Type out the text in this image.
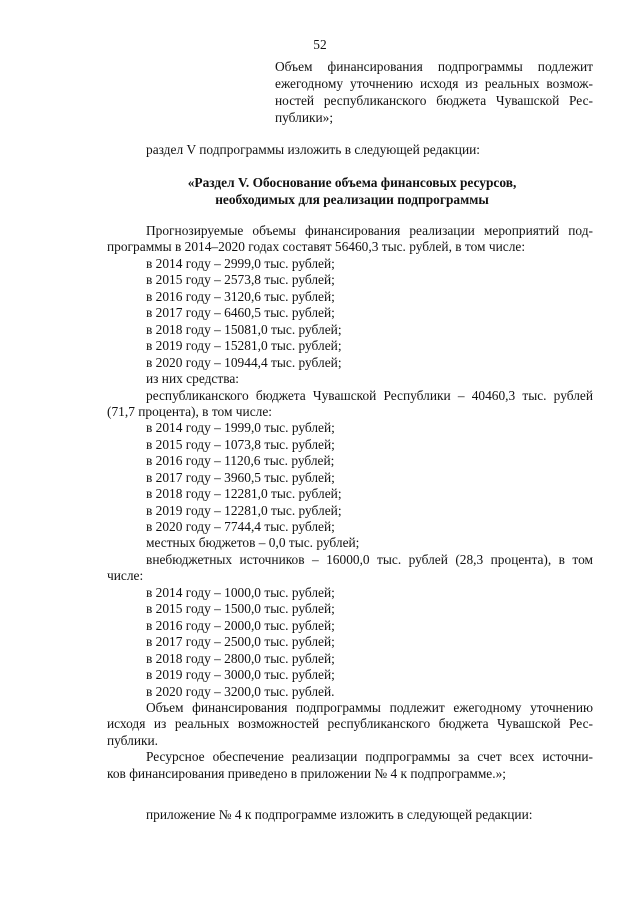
52
Объем финансирования подпрограммы подлежит
ежегодному уточнению исходя из реальных возмож-
ностей республиканского бюджета Чувашской Рес-
публики»;
раздел V подпрограммы изложить в следующей редакции:
«Раздел V. Обоснование объема финансовых ресурсов,
необходимых для реализации подпрограммы
Прогнозируемые объемы финансирования реализации мероприятий под-
программы в 2014–2020 годах составят 56460,3 тыс. рублей, в том числе:
в 2014 году – 2999,0 тыс. рублей;
в 2015 году – 2573,8 тыс. рублей;
в 2016 году – 3120,6 тыс. рублей;
в 2017 году – 6460,5 тыс. рублей;
в 2018 году – 15081,0 тыс. рублей;
в 2019 году – 15281,0 тыс. рублей;
в 2020 году – 10944,4 тыс. рублей;
из них средства:
республиканского бюджета Чувашской Республики – 40460,3 тыс. рублей
(71,7 процента), в том числе:
в 2014 году – 1999,0 тыс. рублей;
в 2015 году – 1073,8 тыс. рублей;
в 2016 году – 1120,6 тыс. рублей;
в 2017 году – 3960,5 тыс. рублей;
в 2018 году – 12281,0 тыс. рублей;
в 2019 году – 12281,0 тыс. рублей;
в 2020 году – 7744,4 тыс. рублей;
местных бюджетов – 0,0 тыс. рублей;
внебюджетных источников – 16000,0 тыс. рублей (28,3 процента), в том
числе:
в 2014 году – 1000,0 тыс. рублей;
в 2015 году – 1500,0 тыс. рублей;
в 2016 году – 2000,0 тыс. рублей;
в 2017 году – 2500,0 тыс. рублей;
в 2018 году – 2800,0 тыс. рублей;
в 2019 году – 3000,0 тыс. рублей;
в 2020 году – 3200,0 тыс. рублей.
Объем финансирования подпрограммы подлежит ежегодному уточнению
исходя из реальных возможностей республиканского бюджета Чувашской Рес-
публики.
Ресурсное обеспечение реализации подпрограммы за счет всех источни-
ков финансирования приведено в приложении № 4 к подпрограмме.»;
приложение № 4 к подпрограмме изложить в следующей редакции:
